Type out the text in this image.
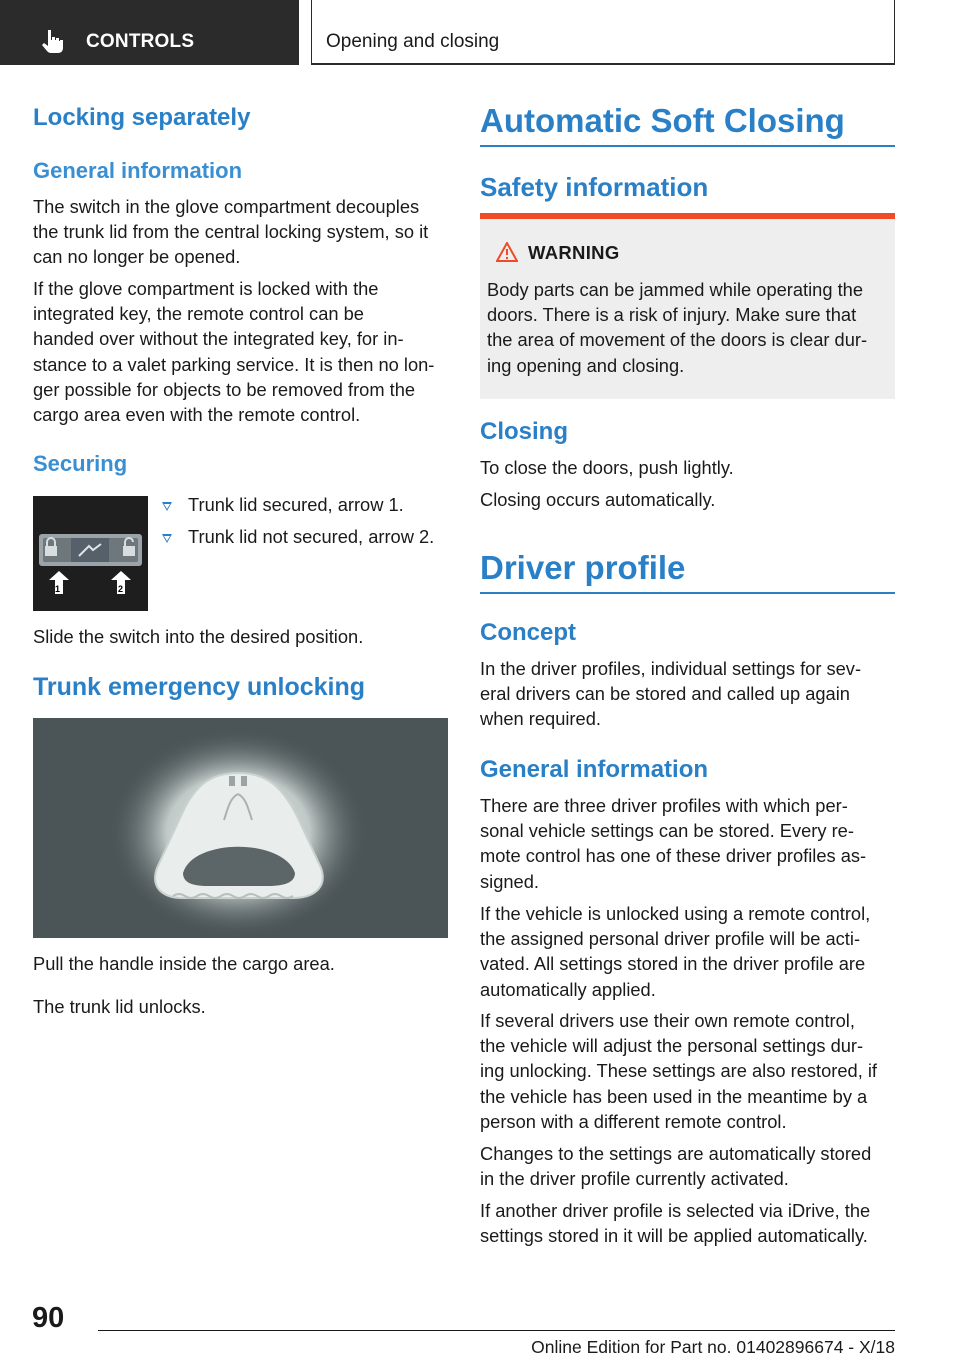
CONTROLS	Opening and closing
Locking separately
General information
The switch in the glove compartment decouples
the trunk lid from the central locking system, so it
can no longer be opened.
If the glove compartment is locked with the
integrated key, the remote control can be
handed over without the integrated key, for in‐
stance to a valet parking service. It is then no lon‐
ger possible for objects to be removed from the
cargo area even with the remote control.
Securing
1	2
Trunk lid secured, arrow 1.
Trunk lid not secured, arrow 2.
Slide the switch into the desired position.
Trunk emergency unlocking
Pull the handle inside the cargo area.
The trunk lid unlocks.
Automatic Soft Closing
Safety information
WARNING
Body parts can be jammed while operating the
doors. There is a risk of injury. Make sure that
the area of movement of the doors is clear dur‐
ing opening and closing.
Closing
To close the doors, push lightly.
Closing occurs automatically.
Driver profile
Concept
In the driver profiles, individual settings for sev‐
eral drivers can be stored and called up again
when required.
General information
There are three driver profiles with which per‐
sonal vehicle settings can be stored. Every re‐
mote control has one of these driver profiles as‐
signed.
If the vehicle is unlocked using a remote control,
the assigned personal driver profile will be acti‐
vated. All settings stored in the driver profile are
automatically applied.
If several drivers use their own remote control,
the vehicle will adjust the personal settings dur‐
ing unlocking. These settings are also restored, if
the vehicle has been used in the meantime by a
person with a different remote control.
Changes to the settings are automatically stored
in the driver profile currently activated.
If another driver profile is selected via iDrive, the
settings stored in it will be applied automatically.
90
Online Edition for Part no. 01402896674 - X/18
